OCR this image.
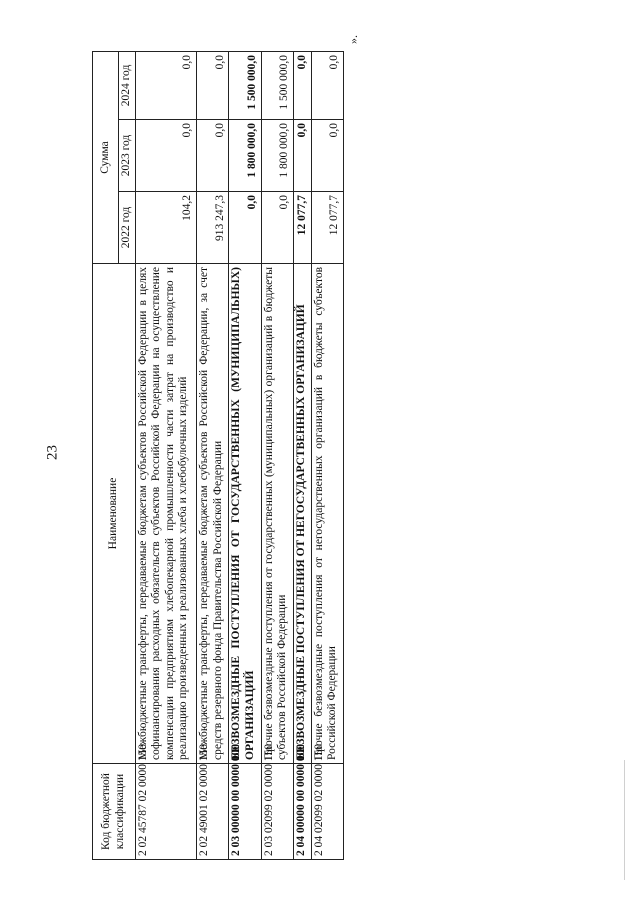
23
Код бюджетной классификации	Наименование	Сумма		
		2022 год	2023 год	2024 год
2 02 45787 02 0000 150	Межбюджетные трансферты, передаваемые бюджетам субъектов Российской Федерации в целях софинансирования расходных обязательств субъектов Российской Федерации на осуществление компенсации предприятиям хлебопекарной промышленности части затрат на производство и реализацию произведенных и реализованных хлеба и хлебобулочных изделий	104,2	0,0	0,0
2 02 49001 02 0000 150	Межбюджетные трансферты, передаваемые бюджетам субъектов Российской Федерации, за счет средств резервного фонда Правительства Российской Федерации	913 247,3	0,0	0,0
2 03 00000 00 0000 000	БЕЗВОЗМЕЗДНЫЕ ПОСТУПЛЕНИЯ ОТ ГОСУДАРСТВЕННЫХ (МУНИЦИПАЛЬНЫХ) ОРГАНИЗАЦИЙ	0,0	1 800 000,0	1 500 000,0
2 03 02099 02 0000 150	Прочие безвозмездные поступления от государственных (муниципальных) организаций в бюджеты субъектов Российской Федерации	0,0	1 800 000,0	1 500 000,0
2 04 00000 00 0000 000	БЕЗВОЗМЕЗДНЫЕ ПОСТУПЛЕНИЯ ОТ НЕГОСУДАРСТВЕННЫХ ОРГАНИЗАЦИЙ	12 077,7	0,0	0,0
2 04 02099 02 0000 150	Прочие безвозмездные поступления от негосударственных организаций в бюджеты субъектов Российской Федерации	12 077,7	0,0	0,0
».
